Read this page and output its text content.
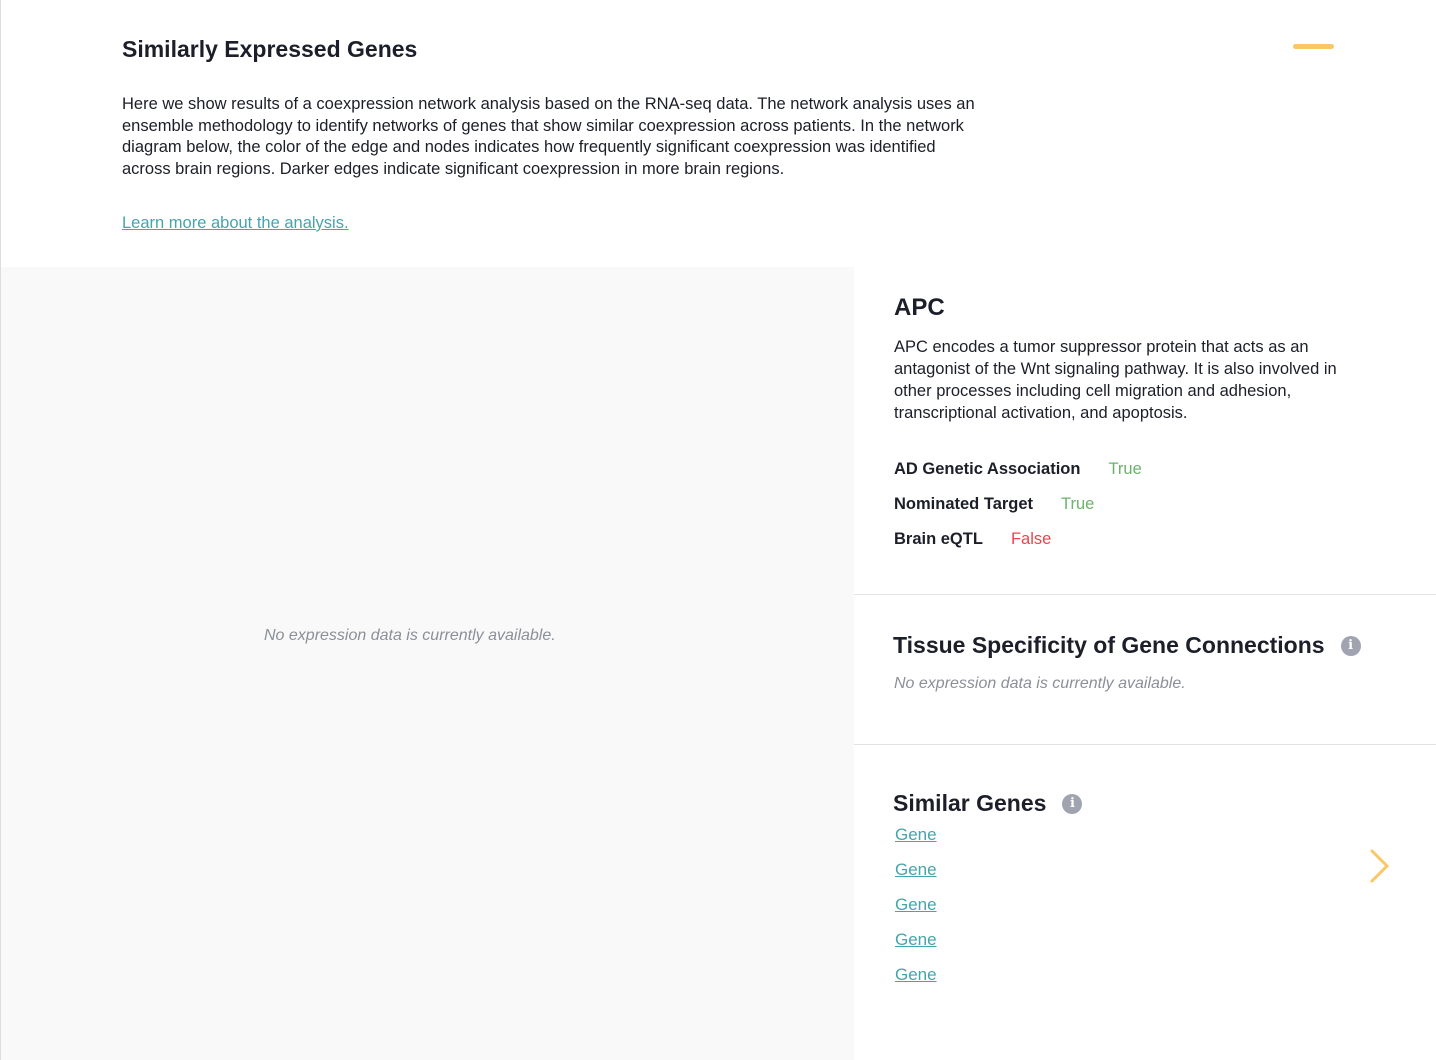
Similarly Expressed Genes

Here we show results of a coexpression network analysis based on the RNA-seq data. The network analysis uses an ensemble methodology to identify networks of genes that show similar coexpression across patients. In the network diagram below, the color of the edge and nodes indicates how frequently significant coexpression was identified across brain regions. Darker edges indicate significant coexpression in more brain regions.

Learn more about the analysis.
No expression data is currently available.
APC

APC encodes a tumor suppressor protein that acts as an antagonist of the Wnt signaling pathway. It is also involved in other processes including cell migration and adhesion, transcriptional activation, and apoptosis.

AD Genetic Association True
Nominated Target True
Brain eQTL False
Tissue Specificity of Gene Connections	i
No expression data is currently available.
Similar Genes	i
Gene
Gene
Gene
Gene
Gene
